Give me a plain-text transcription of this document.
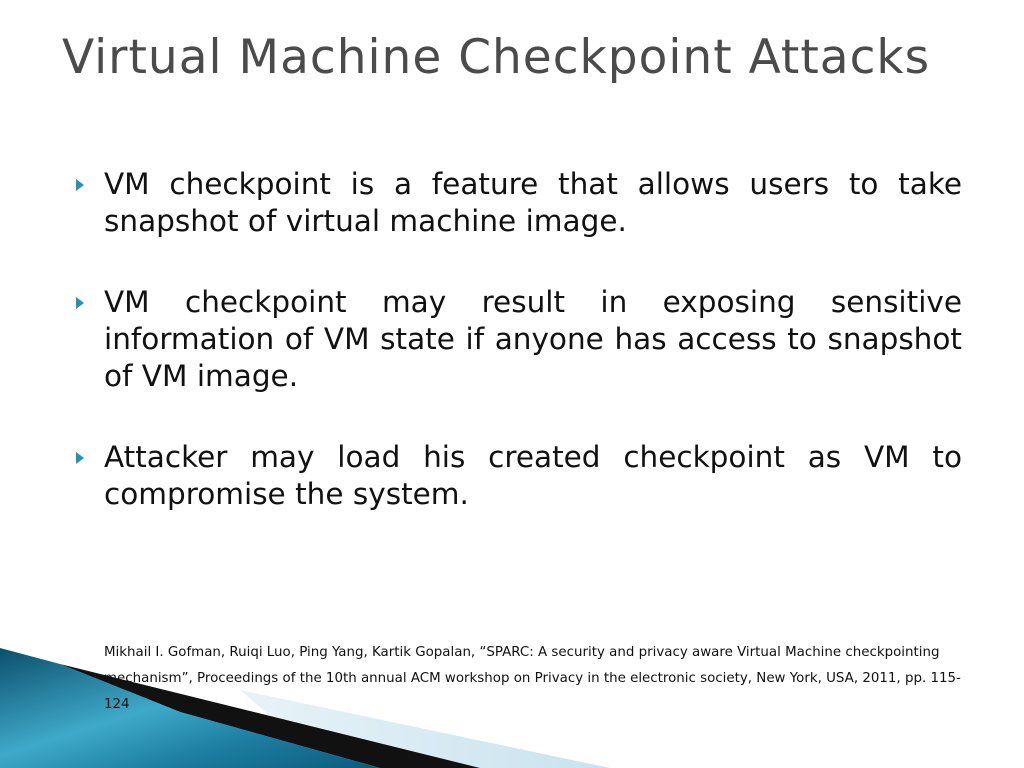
Virtual Machine Checkpoint Attacks
VM checkpoint is a feature that allows users to take snapshot of virtual machine image.
VM checkpoint may result in exposing sensitive information of VM state if anyone has access to snapshot of VM image.
Attacker may load his created checkpoint as VM to compromise the system.

Mikhail I. Gofman, Ruiqi Luo, Ping Yang, Kartik Gopalan, “SPARC: A security and privacy aware Virtual Machine checkpointing mechanism”, Proceedings of the 10th annual ACM workshop on Privacy in the electronic society, New York, USA, 2011, pp. 115-124
